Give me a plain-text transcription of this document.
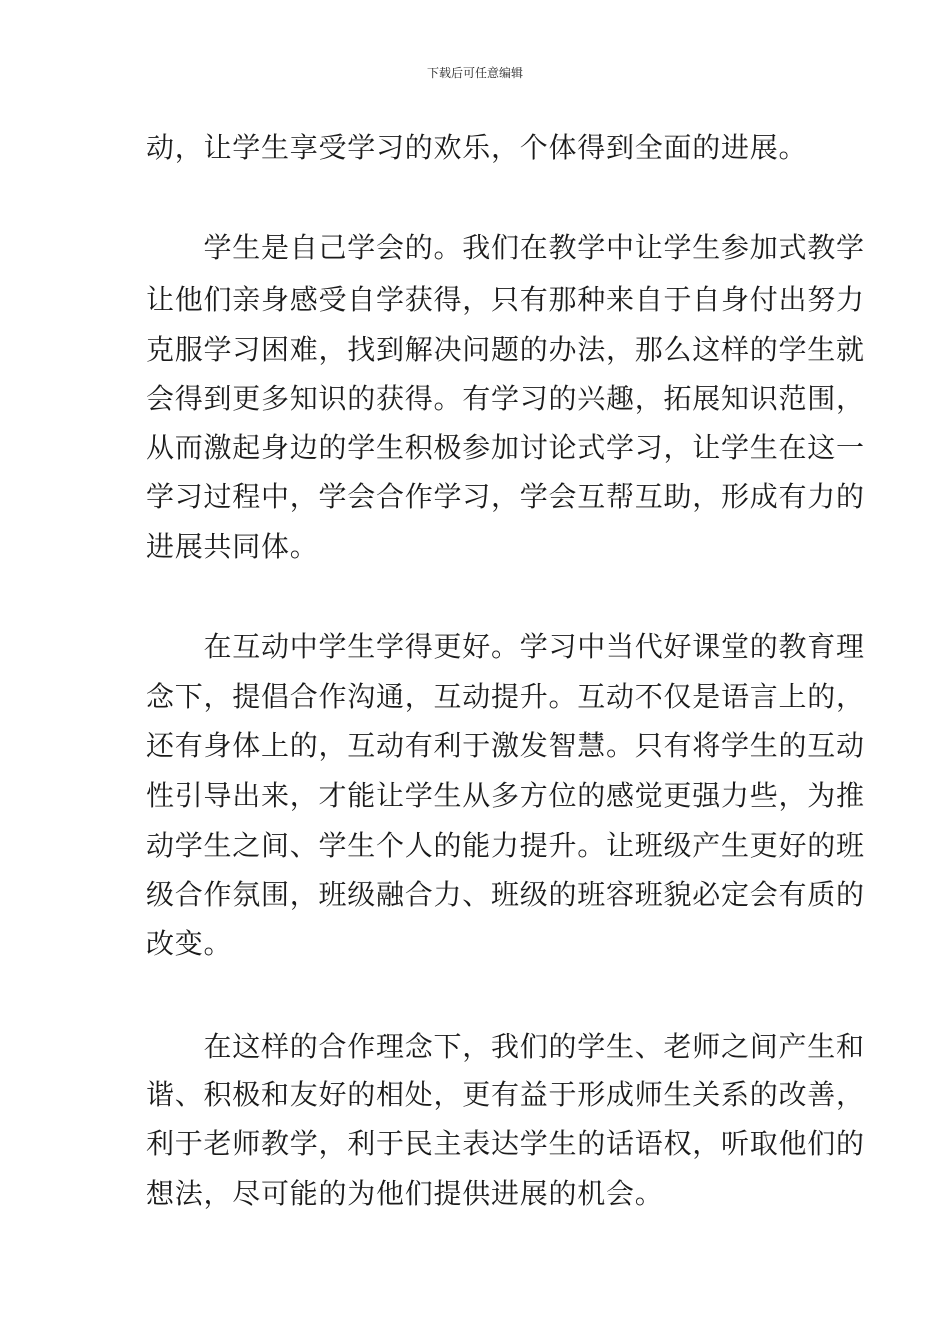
下载后可任意编辑
动，让学生享受学习的欢乐，个体得到全面的进展。
　　学生是自己学会的。我们在教学中让学生参加式教学
让他们亲身感受自学获得，只有那种来自于自身付出努力
克服学习困难，找到解决问题的办法，那么这样的学生就
会得到更多知识的获得。有学习的兴趣，拓展知识范围，
从而激起身边的学生积极参加讨论式学习，让学生在这一
学习过程中，学会合作学习，学会互帮互助，形成有力的
进展共同体。
　　在互动中学生学得更好。学习中当代好课堂的教育理
念下，提倡合作沟通，互动提升。互动不仅是语言上的，
还有身体上的，互动有利于激发智慧。只有将学生的互动
性引导出来，才能让学生从多方位的感觉更强力些，为推
动学生之间、学生个人的能力提升。让班级产生更好的班
级合作氛围，班级融合力、班级的班容班貌必定会有质的
改变。
　　在这样的合作理念下，我们的学生、老师之间产生和
谐、积极和友好的相处，更有益于形成师生关系的改善，
利于老师教学，利于民主表达学生的话语权，听取他们的
想法，尽可能的为他们提供进展的机会。
